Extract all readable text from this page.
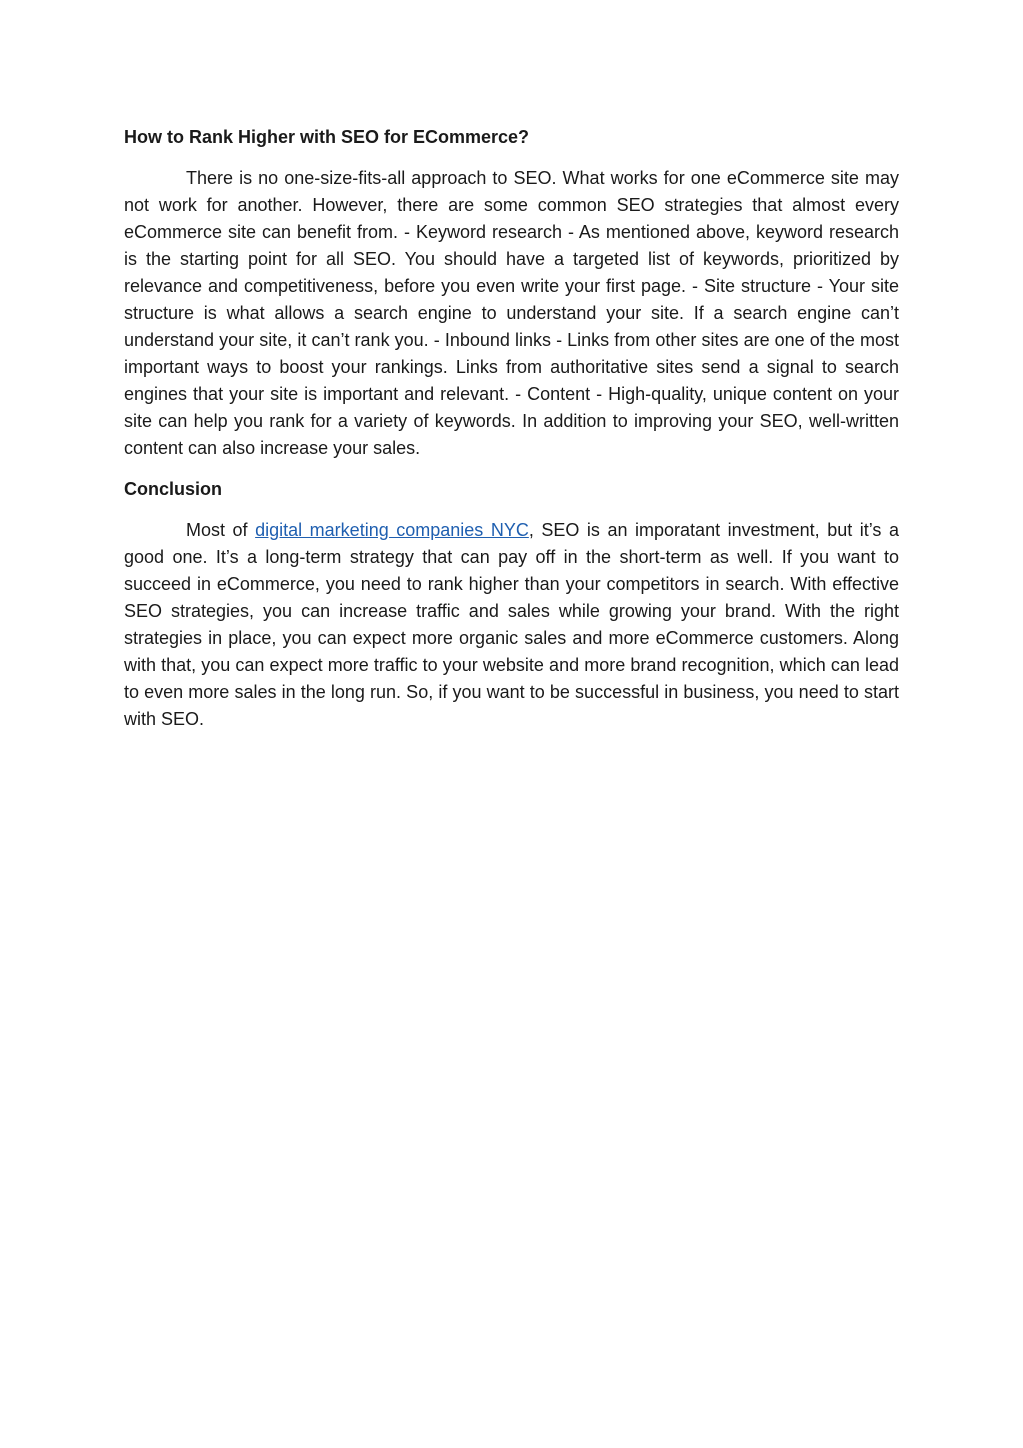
How to Rank Higher with SEO for ECommerce?

There is no one-size-fits-all approach to SEO. What works for one eCommerce site may not work for another. However, there are some common SEO strategies that almost every eCommerce site can benefit from. - Keyword research - As mentioned above, keyword research is the starting point for all SEO. You should have a targeted list of keywords, prioritized by relevance and competitiveness, before you even write your first page. - Site structure - Your site structure is what allows a search engine to understand your site. If a search engine can’t understand your site, it can’t rank you. - Inbound links - Links from other sites are one of the most important ways to boost your rankings. Links from authoritative sites send a signal to search engines that your site is important and relevant. - Content - High-quality, unique content on your site can help you rank for a variety of keywords. In addition to improving your SEO, well-written content can also increase your sales.

Conclusion

Most of digital marketing companies NYC, SEO is an imporatant investment, but it’s a good one. It’s a long-term strategy that can pay off in the short-term as well. If you want to succeed in eCommerce, you need to rank higher than your competitors in search. With effective SEO strategies, you can increase traffic and sales while growing your brand. With the right strategies in place, you can expect more organic sales and more eCommerce customers. Along with that, you can expect more traffic to your website and more brand recognition, which can lead to even more sales in the long run. So, if you want to be successful in business, you need to start with SEO.
